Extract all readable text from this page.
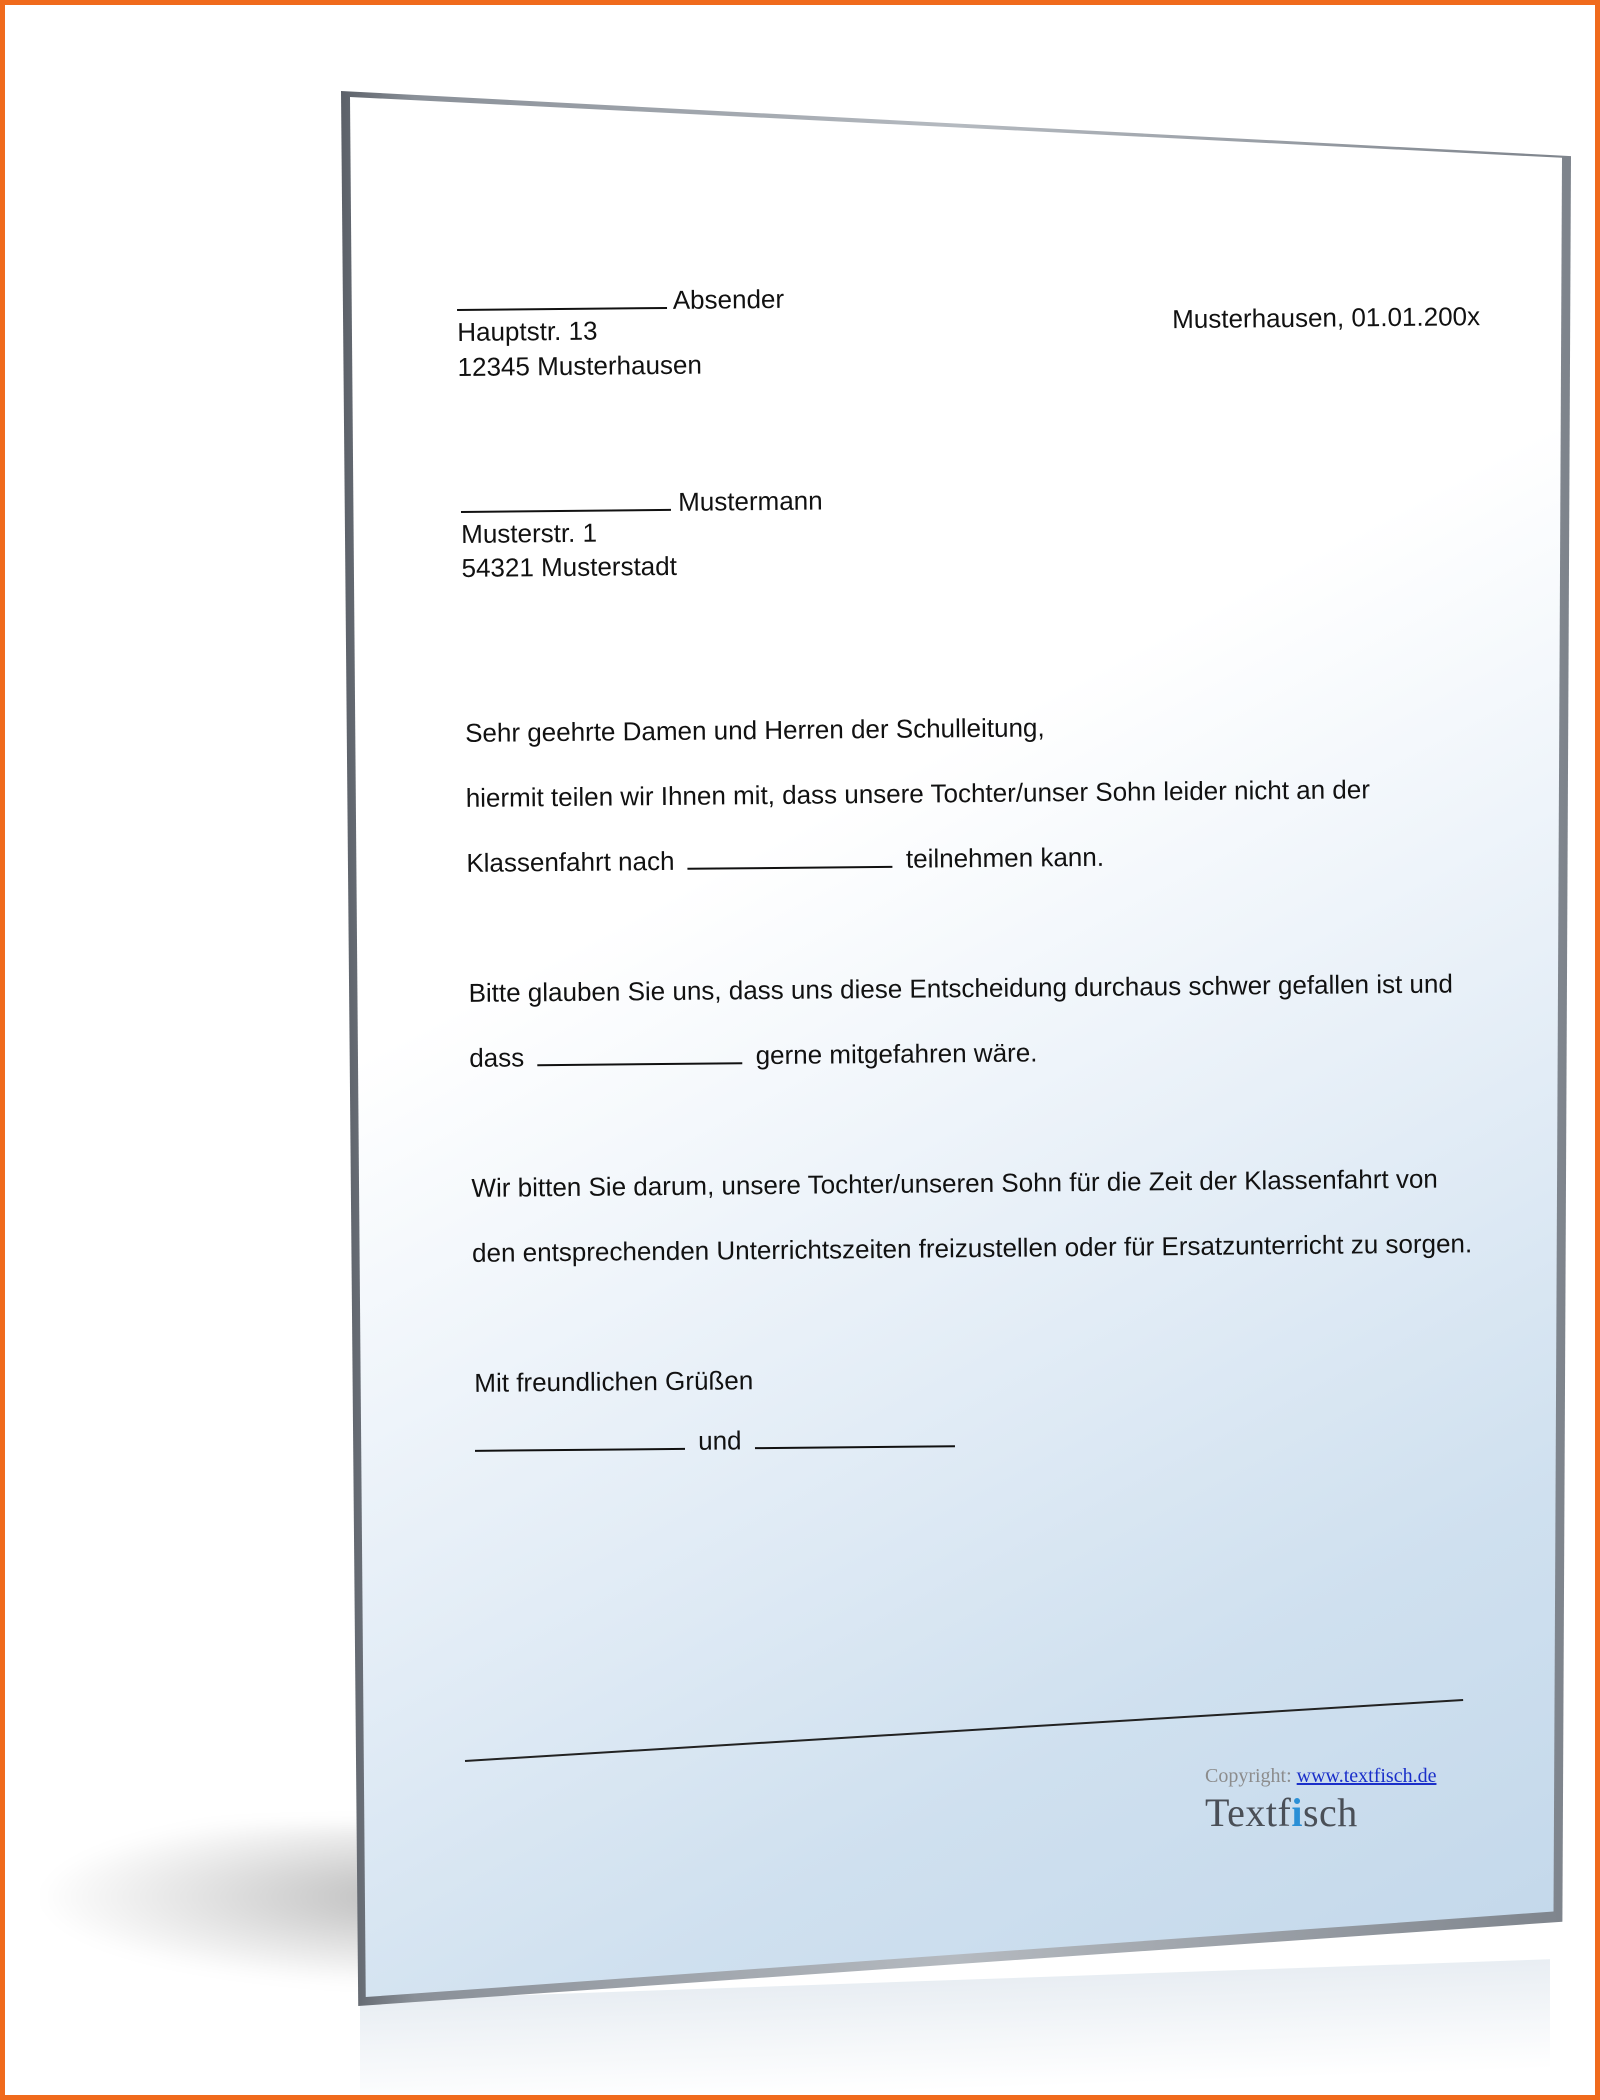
Absender
Hauptstr. 13
12345 Musterhausen
Musterhausen, 01.01.200x
Mustermann
Musterstr. 1
54321 Musterstadt
Sehr geehrte Damen und Herren der Schulleitung,
hiermit teilen wir Ihnen mit, dass unsere Tochter/unser Sohn leider nicht an der
Klassenfahrt nach	teilnehmen kann.
Bitte glauben Sie uns, dass uns diese Entscheidung durchaus schwer gefallen ist und
dass	gerne mitgefahren wäre.
Wir bitten Sie darum, unsere Tochter/unseren Sohn für die Zeit der Klassenfahrt von
den entsprechenden Unterrichtszeiten freizustellen oder für Ersatzunterricht zu sorgen.
Mit freundlichen Grüßen
und
Copyright: www.textfisch.de
Textfisch
